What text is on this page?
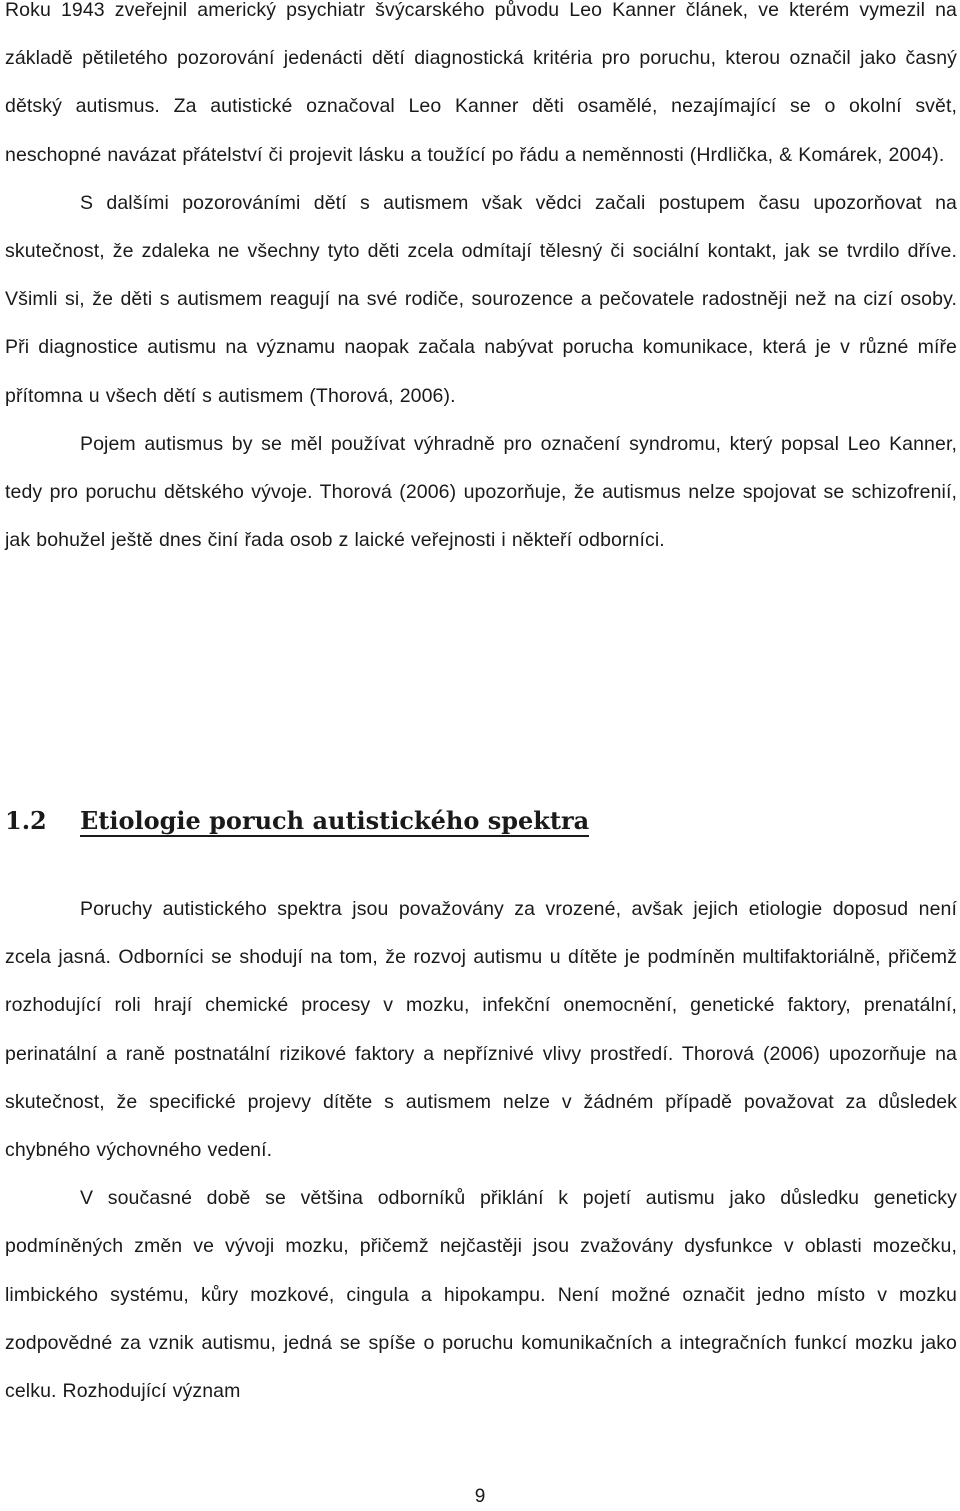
Roku 1943 zveřejnil americký psychiatr švýcarského původu Leo Kanner článek, ve kterém vymezil na základě pětiletého pozorování jedenácti dětí diagnostická kritéria pro poruchu, kterou označil jako časný dětský autismus. Za autistické označoval Leo Kanner děti osamělé, nezajímající se o okolní svět, neschopné navázat přátelství či projevit lásku a toužící po řádu a neměnnosti (Hrdlička, & Komárek, 2004).

S dalšími pozorováními dětí s autismem však vědci začali postupem času upozorňovat na skutečnost, že zdaleka ne všechny tyto děti zcela odmítají tělesný či sociální kontakt, jak se tvrdilo dříve. Všimli si, že děti s autismem reagují na své rodiče, sourozence a pečovatele radostněji než na cizí osoby. Při diagnostice autismu na významu naopak začala nabývat porucha komunikace, která je v různé míře přítomna u všech dětí s autismem (Thorová, 2006).

Pojem autismus by se měl používat výhradně pro označení syndromu, který popsal Leo Kanner, tedy pro poruchu dětského vývoje. Thorová (2006) upozorňuje, že autismus nelze spojovat se schizofrenií, jak bohužel ještě dnes činí řada osob z laické veřejnosti i někteří odborníci.

1.2 Etiologie poruch autistického spektra

Poruchy autistického spektra jsou považovány za vrozené, avšak jejich etiologie doposud není zcela jasná. Odborníci se shodují na tom, že rozvoj autismu u dítěte je podmíněn multifaktoriálně, přičemž rozhodující roli hrají chemické procesy v mozku, infekční onemocnění, genetické faktory, prenatální, perinatální a raně postnatální rizikové faktory a nepříznivé vlivy prostředí. Thorová (2006) upozorňuje na skutečnost, že specifické projevy dítěte s autismem nelze v žádném případě považovat za důsledek chybného výchovného vedení.

V současné době se většina odborníků přiklání k pojetí autismu jako důsledku geneticky podmíněných změn ve vývoji mozku, přičemž nejčastěji jsou zvažovány dysfunkce v oblasti mozečku, limbického systému, kůry mozkové, cingula a hipokampu. Není možné označit jedno místo v mozku zodpovědné za vznik autismu, jedná se spíše o poruchu komunikačních a integračních funkcí mozku jako celku. Rozhodující význam

9
